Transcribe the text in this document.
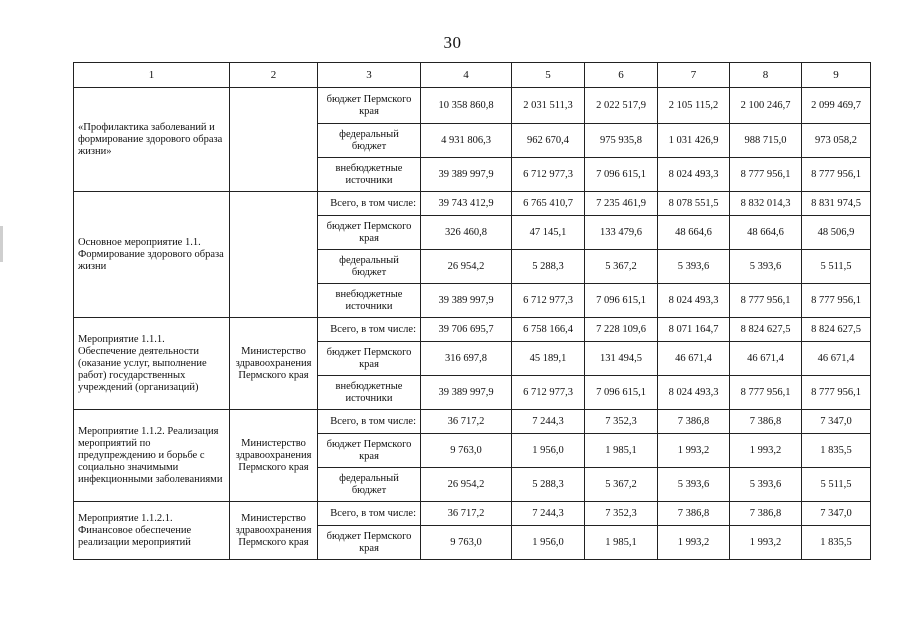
30
1	2	3	4	5	6	7	8	9
«Профилактика заболеваний и формирование здорового образа жизни»		бюджет Пермского края	10 358 860,8	2 031 511,3	2 022 517,9	2 105 115,2	2 100 246,7	2 099 469,7
		федеральный бюджет	4 931 806,3	962 670,4	975 935,8	1 031 426,9	988 715,0	973 058,2
		внебюджетные источники	39 389 997,9	6 712 977,3	7 096 615,1	8 024 493,3	8 777 956,1	8 777 956,1
Основное мероприятие 1.1. Формирование здорового образа жизни		Всего, в том числе:	39 743 412,9	6 765 410,7	7 235 461,9	8 078 551,5	8 832 014,3	8 831 974,5
		бюджет Пермского края	326 460,8	47 145,1	133 479,6	48 664,6	48 664,6	48 506,9
		федеральный бюджет	26 954,2	5 288,3	5 367,2	5 393,6	5 393,6	5 511,5
		внебюджетные источники	39 389 997,9	6 712 977,3	7 096 615,1	8 024 493,3	8 777 956,1	8 777 956,1
Мероприятие 1.1.1. Обеспечение деятельности (оказание услуг, выполнение работ) государственных учреждений (организаций)	Министерство здравоохранения Пермского края	Всего, в том числе:	39 706 695,7	6 758 166,4	7 228 109,6	8 071 164,7	8 824 627,5	8 824 627,5
		бюджет Пермского края	316 697,8	45 189,1	131 494,5	46 671,4	46 671,4	46 671,4
		внебюджетные источники	39 389 997,9	6 712 977,3	7 096 615,1	8 024 493,3	8 777 956,1	8 777 956,1
Мероприятие 1.1.2. Реализация мероприятий по предупреждению и борьбе с социально значимыми инфекционными заболеваниями	Министерство здравоохранения Пермского края	Всего, в том числе:	36 717,2	7 244,3	7 352,3	7 386,8	7 386,8	7 347,0
		бюджет Пермского края	9 763,0	1 956,0	1 985,1	1 993,2	1 993,2	1 835,5
		федеральный бюджет	26 954,2	5 288,3	5 367,2	5 393,6	5 393,6	5 511,5
Мероприятие 1.1.2.1. Финансовое обеспечение реализации мероприятий	Министерство здравоохранения Пермского края	Всего, в том числе:	36 717,2	7 244,3	7 352,3	7 386,8	7 386,8	7 347,0
		бюджет Пермского края	9 763,0	1 956,0	1 985,1	1 993,2	1 993,2	1 835,5
